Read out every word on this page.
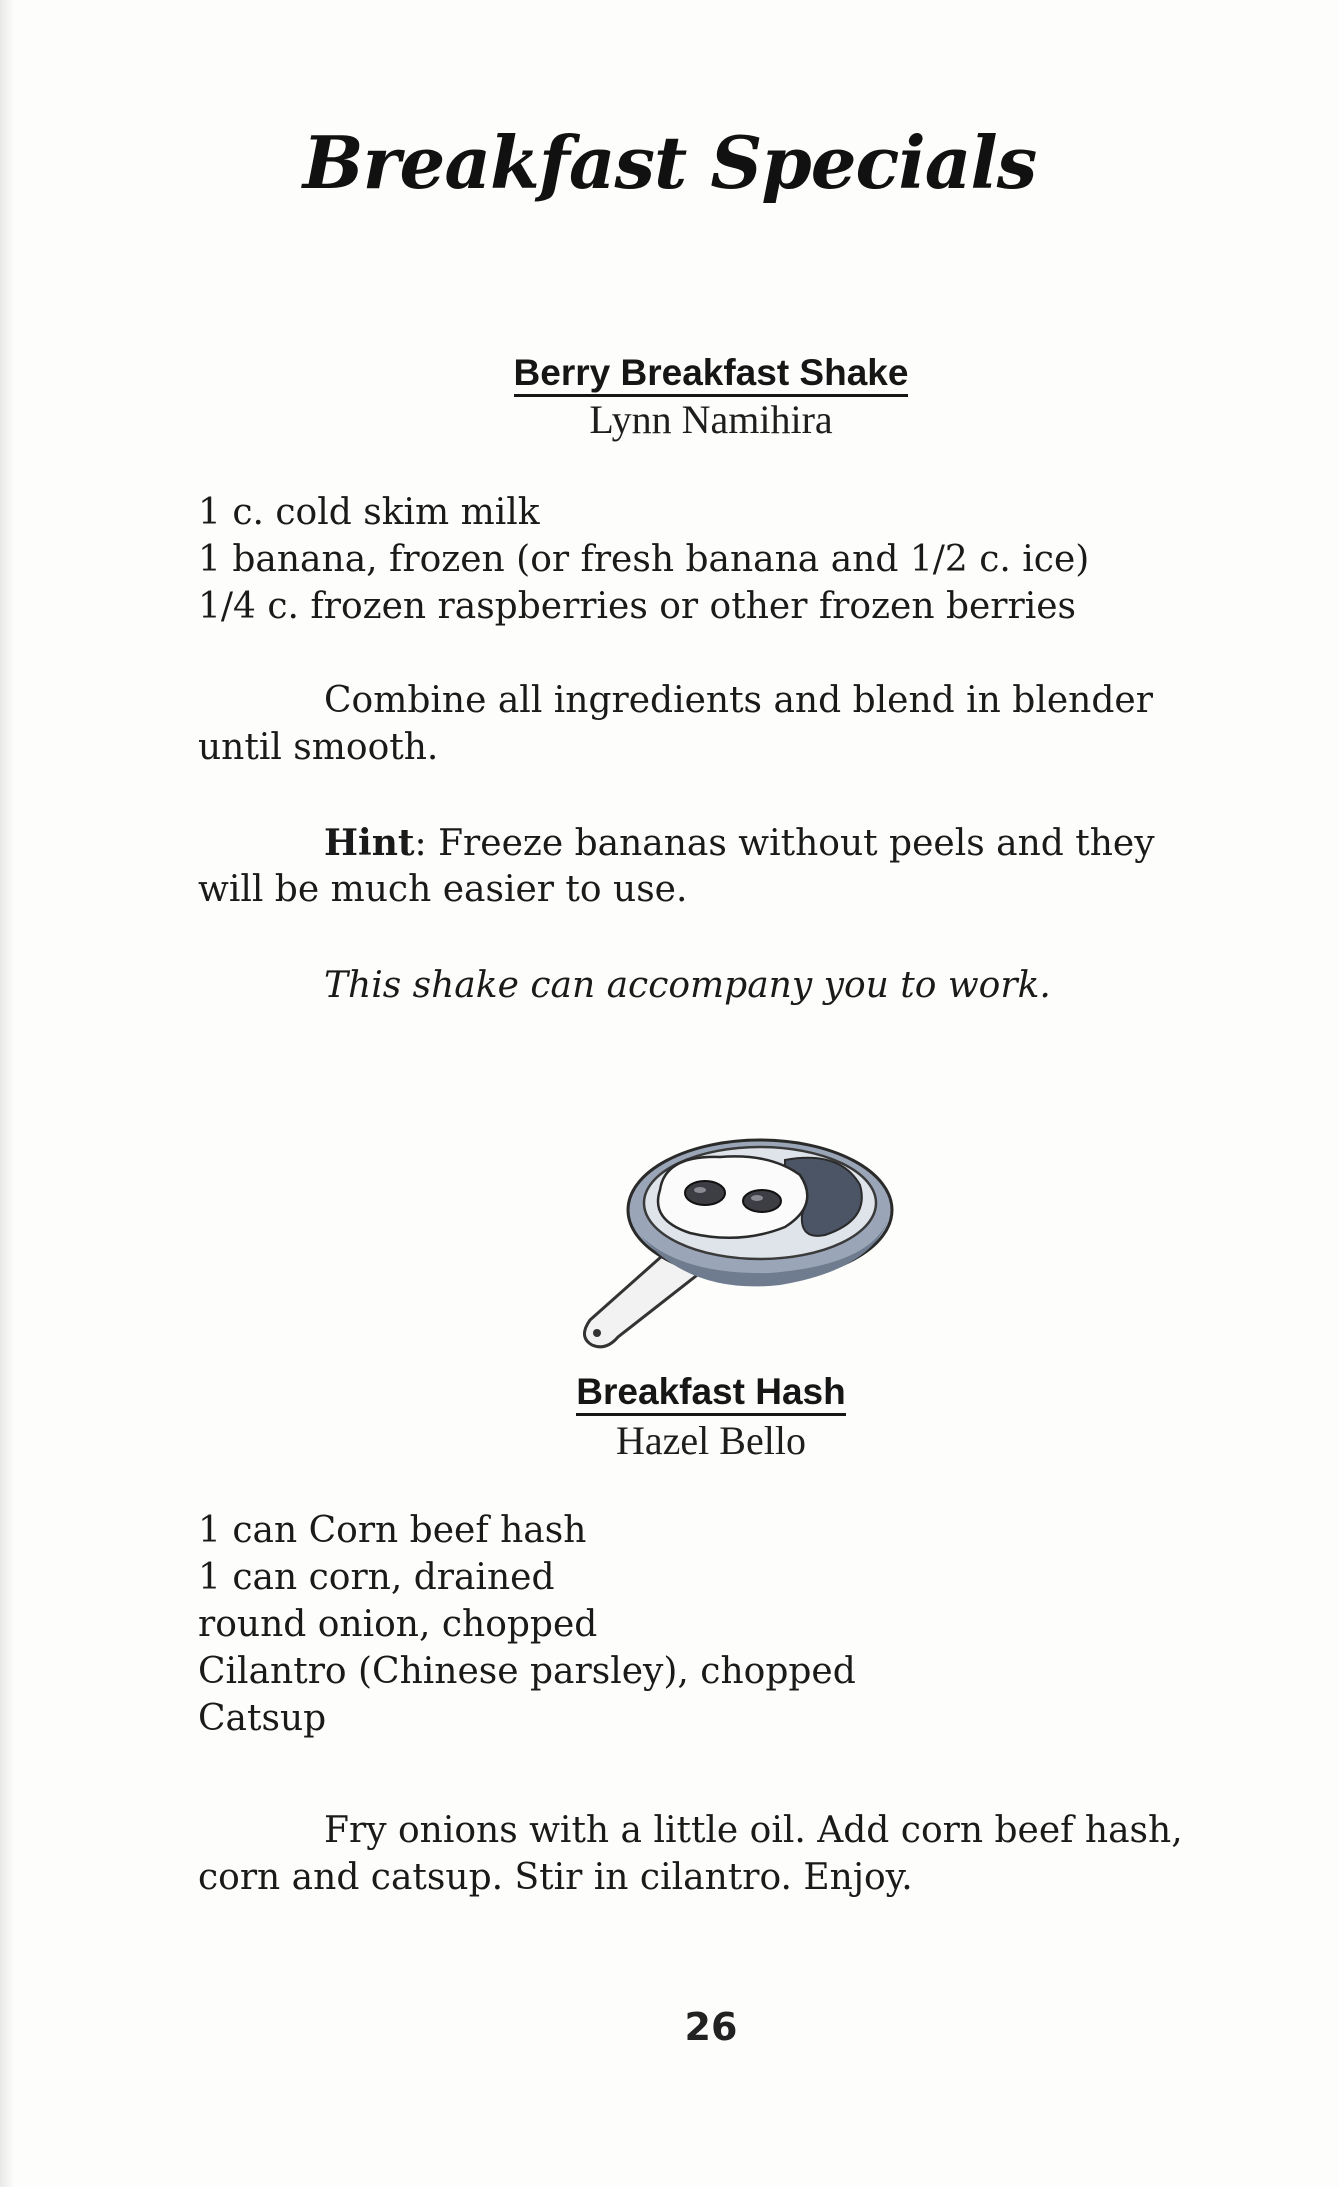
Breakfast Specials
Berry Breakfast Shake

Lynn Namihira

1 c. cold skim milk

1 banana, frozen (or fresh banana and 1/2 c. ice)

1/4 c. frozen raspberries or other frozen berries

Combine all ingredients and blend in blender

until smooth.

Hint: Freeze bananas without peels and they

will be much easier to use.

This shake can accompany you to work.

Breakfast Hash

Hazel Bello

1 can Corn beef hash

1 can corn, drained

round onion, chopped

Cilantro (Chinese parsley), chopped

Catsup

Fry onions with a little oil. Add corn beef hash,

corn and catsup. Stir in cilantro. Enjoy.

26
